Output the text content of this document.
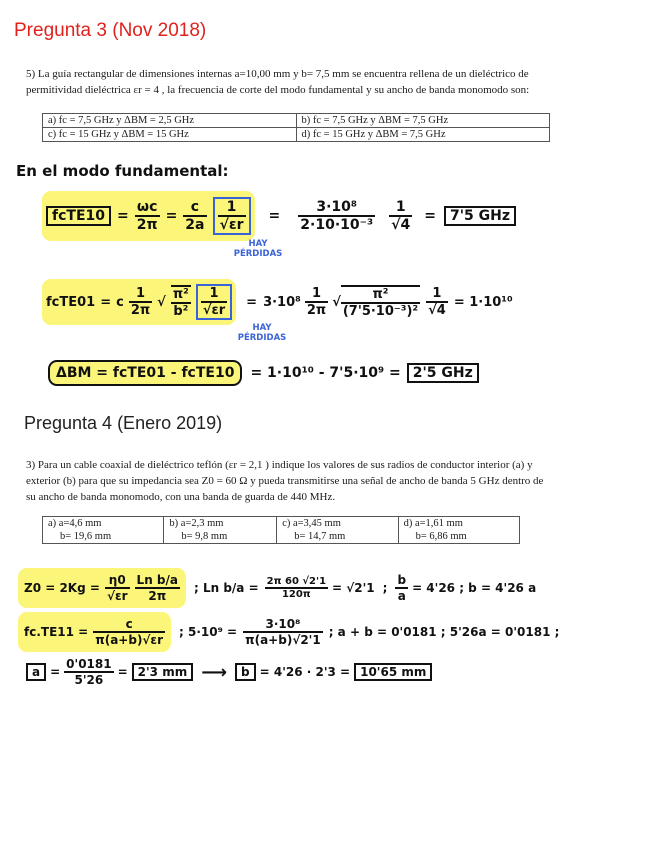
Pregunta 3 (Nov 2018)
5) La guía rectangular de dimensiones internas a=10,00 mm y b= 7,5 mm se encuentra rellena de un dieléctrico de
permitividad dieléctrica εr = 4 , la frecuencia de corte del modo fundamental y su ancho de banda monomodo son:
a) fc = 7,5 GHz y ΔBM = 2,5 GHz	b) fc = 7,5 GHz y ΔBM = 7,5 GHz
c) fc = 15 GHz y ΔBM = 15 GHz	d) fc = 15 GHz y ΔBM = 7,5 GHz
En el modo fundamental:
fcTE10 = $\frac{\omega c}{2\pi} = \frac{c}{2a} \frac{1}{√\varepsilon r} = \frac{\text{3·10⁸}}{\text{2·10·10⁻³}} \frac{1}{√4}$ =	7'5 GHz
HAY PÉRDIDAS
fcTE01 = c $\frac{1}{2\pi}$ √ $\frac{\text{π²}}{\text{b²}} \frac{1}{√\varepsilon r} = 3\cdot 10^8 \frac{1}{2\pi}$ √ $\frac{\text{π²}}{\text{(7'5·10⁻³)²}} \frac{1}{√4} = 1\cdot 10^{10}$
HAY PÉRDIDAS
ΔBM = fcTE01 - fcTE10	= 1·10¹⁰ - 7'5·10⁹ = 2'5 GHz
Pregunta 4 (Enero 2019)
3) Para un cable coaxial de dieléctrico teflón (εr = 2,1 ) indique los valores de sus radios de conductor interior (a) y
exterior (b) para que su impedancia sea Z0 = 60 Ω y pueda transmitirse una señal de ancho de banda 5 GHz dentro de
su ancho de banda monomodo, con una banda de guarda de 440 MHz.
a) a=4,6 mm
b= 19,6 mm

b) a=2,3 mm
b= 9,8 mm

c) a=3,45 mm
b= 14,7 mm

d) a=1,61 mm
b= 6,86 mm
$Z0 = 2Kg = \frac{\eta 0}{√\varepsilon r} \frac{\text{Ln b/a}}{2\pi}$ ; Ln $b/a = \frac{2\pi 60 √2'1}{120\pi} = √2'1$ ; $\frac{b}{a} = 4'26$ ; b = 4'26 a
$fc.TE11 = \frac{c}{\pi(a+b)√\varepsilon r}$ ; $5\cdot 10^9 = \frac{\text{3·10⁸}}{\pi(a+b)√2'1}$ ; a + b = 0'0181 ; 5'26a = 0'0181 ;
$a = \frac{0'0181}{5'26} = 2'3$ mm ⟶	b = 4'26 · 2'3 = 10'65 mm
